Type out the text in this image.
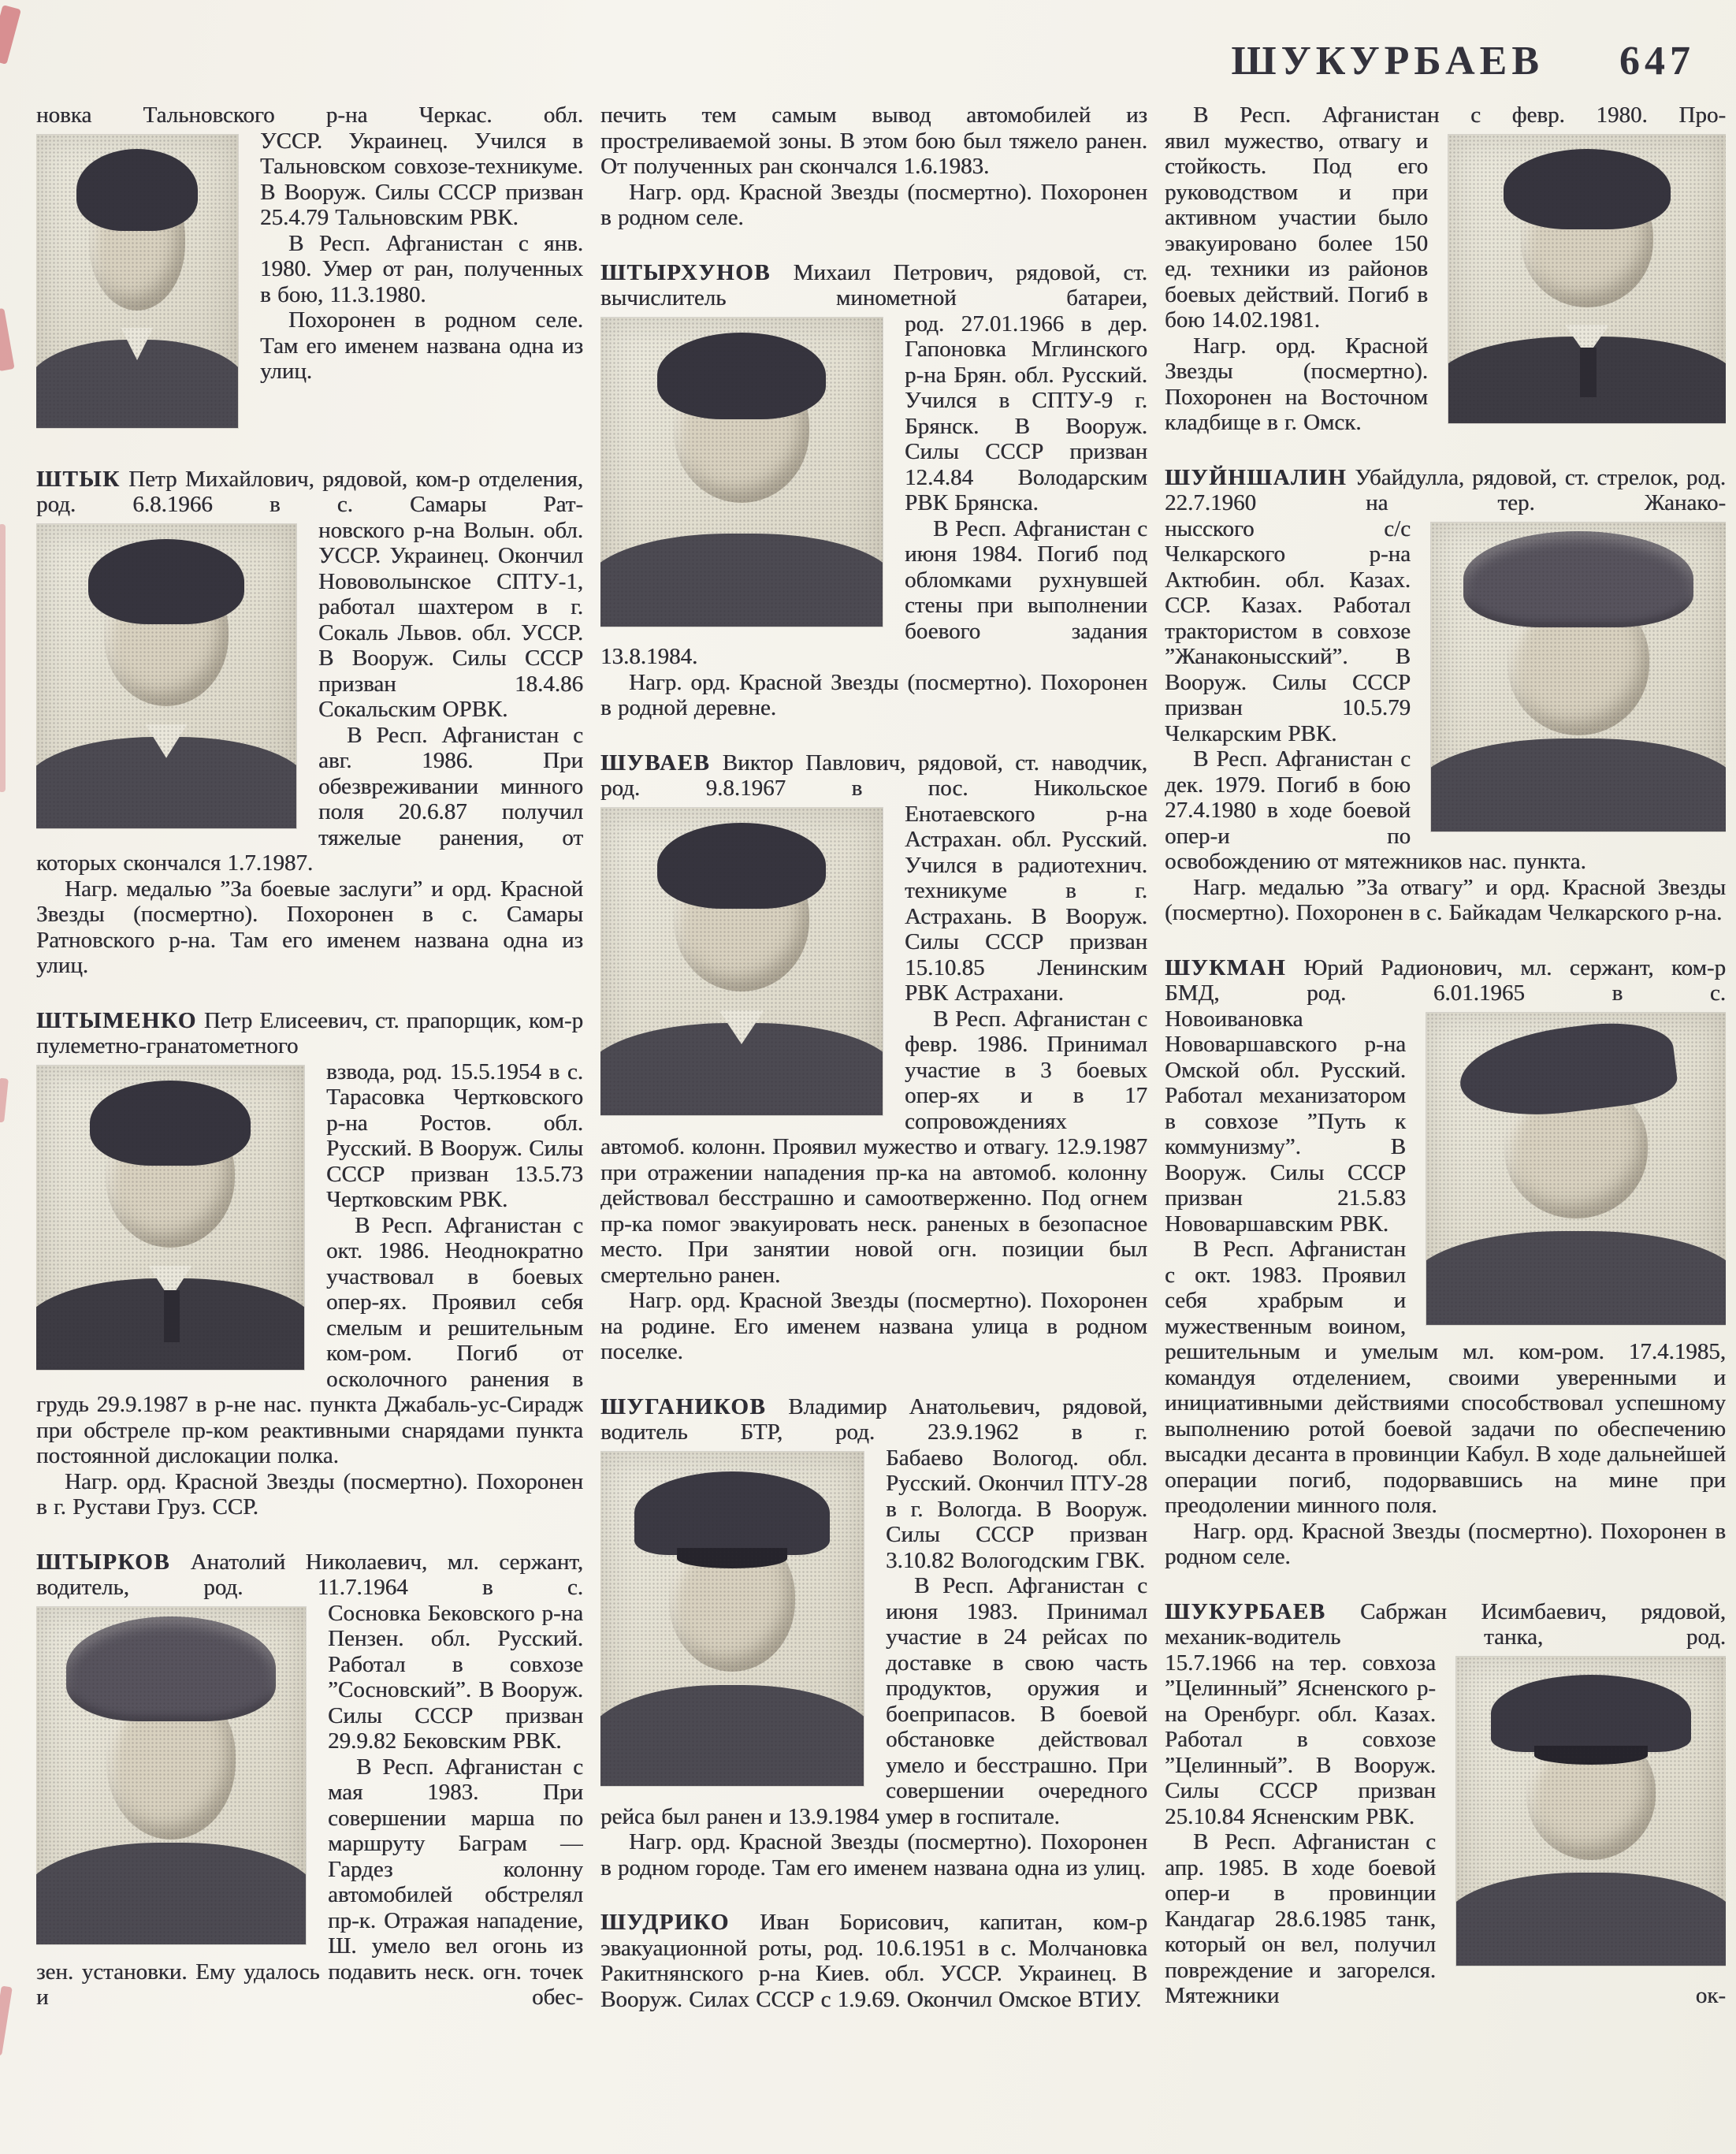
ШУКУРБАЕВ 647

новка Тальновского р-на Черкас. обл.

УССР. Украинец. Учился в Тальновском совхозе-техникуме. В Вооруж. Силы СССР призван 25.4.79 Тальновским РВК.

В Респ. Афганистан с янв. 1980. Умер от ран, полученных в бою, 11.3.1980.

Похоронен в родном селе. Там его именем названа одна из улиц.

ШТЫК Петр Михайлович, рядовой, ком-р отделения, род. 6.8.1966 в с. Самары Рат-

новского р-на Волын. обл. УССР. Украинец. Окончил Нововолынское СПТУ-1, работал шахтером в г. Сокаль Львов. обл. УССР. В Вооруж. Силы СССР призван 18.4.86 Сокальским ОРВК.

В Респ. Афганистан с авг. 1986. При обезвреживании минного поля 20.6.87 получил тяжелые ранения, от которых скончался 1.7.1987.

Нагр. медалью ”За боевые заслуги” и орд. Красной Звезды (посмертно). Похоронен в с. Самары Ратновского р-на. Там его именем названа одна из улиц.

ШТЫМЕНКО Петр Елисеевич, ст. прапорщик, ком-р пулеметно-гранатометного

взвода, род. 15.5.1954 в с. Тарасовка Чертковского р-на Ростов. обл. Русский. В Вооруж. Силы СССР призван 13.5.73 Чертковским РВК.

В Респ. Афганистан с окт. 1986. Неоднократно участвовал в боевых опер-ях. Проявил себя смелым и решительным ком-ром. Погиб от осколочного ранения в грудь 29.9.1987 в р-не нас. пункта Джабаль-ус-Сирадж при обстреле пр-ком реактивными снарядами пункта постоянной дислокации полка.

Нагр. орд. Красной Звезды (посмертно). Похоронен в г. Рустави Груз. ССР.

ШТЫРКОВ Анатолий Николаевич, мл. сержант, водитель, род. 11.7.1964 в с.

Сосновка Бековского р-на Пензен. обл. Русский. Работал в совхозе ”Сосновский”. В Вооруж. Силы СССР призван 29.9.82 Бековским РВК.

В Респ. Афганистан с мая 1983. При совершении марша по маршруту Баграм — Гардез колонну автомобилей обстрелял пр-к. Отражая нападение, Ш. умело вел огонь из зен. установки. Ему удалось подавить неск. огн. точек и обес-

печить тем самым вывод автомобилей из простреливаемой зоны. В этом бою был тяжело ранен. От полученных ран скончался 1.6.1983.

Нагр. орд. Красной Звезды (посмертно). Похоронен в родном селе.

ШТЫРХУНОВ Михаил Петрович, рядовой, ст. вычислитель минометной батареи,

род. 27.01.1966 в дер. Гапоновка Мглинского р-на Брян. обл. Русский. Учился в СПТУ-9 г. Брянск. В Вооруж. Силы СССР призван 12.4.84 Володарским РВК Брянска.

В Респ. Афганистан с июня 1984. Погиб под обломками рухнувшей стены при выполнении боевого задания 13.8.1984.

Нагр. орд. Красной Звезды (посмертно). Похоронен в родной деревне.

ШУВАЕВ Виктор Павлович, рядовой, ст. наводчик, род. 9.8.1967 в пос. Никольское

Енотаевского р-на Астрахан. обл. Русский. Учился в радиотехнич. техникуме в г. Астрахань. В Вооруж. Силы СССР призван 15.10.85 Ленинским РВК Астрахани.

В Респ. Афганистан с февр. 1986. Принимал участие в 3 боевых опер-ях и в 17 сопровождениях автомоб. колонн. Проявил мужество и отвагу. 12.9.1987 при отражении нападения пр-ка на автомоб. колонну действовал бесстрашно и самоотверженно. Под огнем пр-ка помог эвакуировать неск. раненых в безопасное место. При занятии новой огн. позиции был смертельно ранен.

Нагр. орд. Красной Звезды (посмертно). Похоронен на родине. Его именем названа улица в родном поселке.

ШУГАНИКОВ Владимир Анатольевич, рядовой, водитель БТР, род. 23.9.1962 в г.

Бабаево Вологод. обл. Русский. Окончил ПТУ-28 в г. Вологда. В Вооруж. Силы СССР призван 3.10.82 Вологодским ГВК.

В Респ. Афганистан с июня 1983. Принимал участие в 24 рейсах по доставке в свою часть продуктов, оружия и боеприпасов. В боевой обстановке действовал умело и бесстрашно. При совершении очередного рейса был ранен и 13.9.1984 умер в госпитале.

Нагр. орд. Красной Звезды (посмертно). Похоронен в родном городе. Там его именем названа одна из улиц.

ШУДРИКО Иван Борисович, капитан, ком-р эвакуационной роты, род. 10.6.1951 в с. Молчановка Ракитнянского р-на Киев. обл. УССР. Украинец. В Вооруж. Силах СССР с 1.9.69. Окончил Омское ВТИУ.

В Респ. Афганистан с февр. 1980. Про-

явил мужество, отвагу и стойкость. Под его руководством и при активном участии было эвакуировано более 150 ед. техники из районов боевых действий. Погиб в бою 14.02.1981.

Нагр. орд. Красной Звезды (посмертно). Похоронен на Восточном кладбище в г. Омск.

ШУЙНШАЛИН Убайдулла, рядовой, ст. стрелок, род. 22.7.1960 на тер. Жанако-

нысского с/с Челкарского р-на Актюбин. обл. Казах. ССР. Казах. Работал трактористом в совхозе ”Жанаконысский”. В Вооруж. Силы СССР призван 10.5.79 Челкарским РВК.

В Респ. Афганистан с дек. 1979. Погиб в бою 27.4.1980 в ходе боевой опер-и по освобождению от мятежников нас. пункта.

Нагр. медалью ”За отвагу” и орд. Красной Звезды (посмертно). Похоронен в с. Байкадам Челкарского р-на.

ШУКМАН Юрий Радионович, мл. сержант, ком-р БМД, род. 6.01.1965 в с.

Новоивановка Нововаршавского р-на Омской обл. Русский. Работал механизатором в совхозе ”Путь к коммунизму”. В Вооруж. Силы СССР призван 21.5.83 Нововаршавским РВК.

В Респ. Афганистан с окт. 1983. Проявил себя храбрым и мужественным воином, решительным и умелым мл. ком-ром. 17.4.1985, командуя отделением, своими уверенными и инициативными действиями способствовал успешному выполнению ротой боевой задачи по обеспечению высадки десанта в провинции Кабул. В ходе дальнейшей операции погиб, подорвавшись на мине при преодолении минного поля.

Нагр. орд. Красной Звезды (посмертно). Похоронен в родном селе.

ШУКУРБАЕВ Сабржан Исимбаевич, рядовой, механик-водитель танка, род.

15.7.1966 на тер. совхоза ”Целинный” Ясненского р-на Оренбург. обл. Казах. Работал в совхозе ”Целинный”. В Вооруж. Силы СССР призван 25.10.84 Ясненским РВК.

В Респ. Афганистан с апр. 1985. В ходе боевой опер-и в провинции Кандагар 28.6.1985 танк, который он вел, получил повреждение и загорелся. Мятежники ок-
